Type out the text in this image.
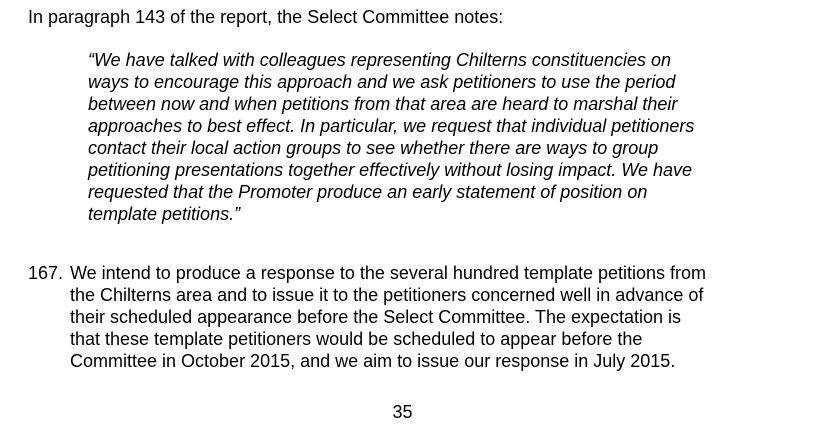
In paragraph 143 of the report, the Select Committee notes:
“We have talked with colleagues representing Chilterns constituencies on
ways to encourage this approach and we ask petitioners to use the period
between now and when petitions from that area are heard to marshal their
approaches to best effect. In particular, we request that individual petitioners
contact their local action groups to see whether there are ways to group
petitioning presentations together effectively without losing impact. We have
requested that the Promoter produce an early statement of position on
template petitions.”
167. We intend to produce a response to the several hundred template petitions from
the Chilterns area and to issue it to the petitioners concerned well in advance of
their scheduled appearance before the Select Committee. The expectation is
that these template petitioners would be scheduled to appear before the
Committee in October 2015, and we aim to issue our response in July 2015.
35
